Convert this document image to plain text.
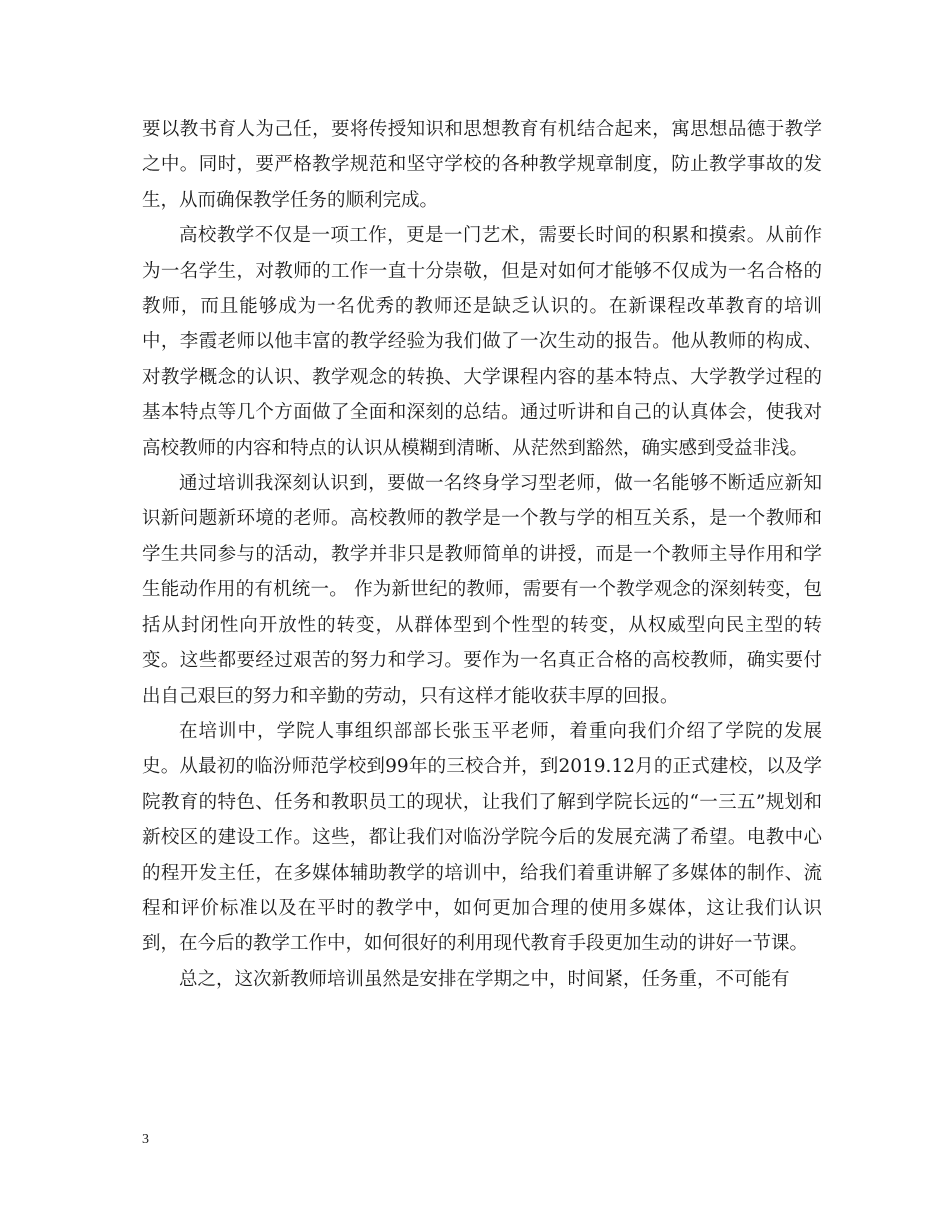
要以教书育人为己任，要将传授知识和思想教育有机结合起来，寓思想品德于教学之中。同时，要严格教学规范和坚守学校的各种教学规章制度，防止教学事故的发生，从而确保教学任务的顺利完成。

高校教学不仅是一项工作，更是一门艺术，需要长时间的积累和摸索。从前作为一名学生，对教师的工作一直十分崇敬，但是对如何才能够不仅成为一名合格的教师，而且能够成为一名优秀的教师还是缺乏认识的。在新课程改革教育的培训中，李霞老师以他丰富的教学经验为我们做了一次生动的报告。他从教师的构成、对教学概念的认识、教学观念的转换、大学课程内容的基本特点、大学教学过程的基本特点等几个方面做了全面和深刻的总结。通过听讲和自己的认真体会，使我对高校教师的内容和特点的认识从模糊到清晰、从茫然到豁然，确实感到受益非浅。

通过培训我深刻认识到，要做一名终身学习型老师，做一名能够不断适应新知识新问题新环境的老师。高校教师的教学是一个教与学的相互关系，是一个教师和学生共同参与的活动，教学并非只是教师简单的讲授，而是一个教师主导作用和学生能动作用的有机统一。 作为新世纪的教师，需要有一个教学观念的深刻转变，包括从封闭性向开放性的转变，从群体型到个性型的转变，从权威型向民主型的转变。这些都要经过艰苦的努力和学习。要作为一名真正合格的高校教师，确实要付出自己艰巨的努力和辛勤的劳动，只有这样才能收获丰厚的回报。

在培训中，学院人事组织部部长张玉平老师，着重向我们介绍了学院的发展史。从最初的临汾师范学校到99年的三校合并，到2019.12月的正式建校，以及学院教育的特色、任务和教职员工的现状，让我们了解到学院长远的“一三五”规划和新校区的建设工作。这些，都让我们对临汾学院今后的发展充满了希望。电教中心的程开发主任，在多媒体辅助教学的培训中，给我们着重讲解了多媒体的制作、流程和评价标准以及在平时的教学中，如何更加合理的使用多媒体，这让我们认识到，在今后的教学工作中，如何很好的利用现代教育手段更加生动的讲好一节课。

总之，这次新教师培训虽然是安排在学期之中，时间紧，任务重，不可能有

3
